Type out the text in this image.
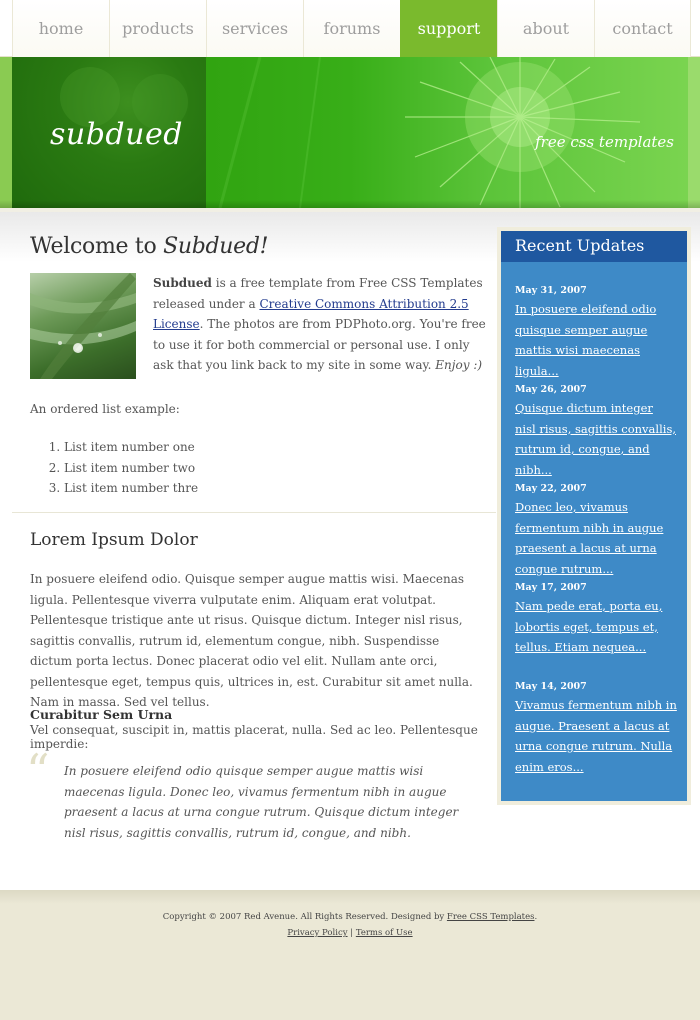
home products services forums support	about	contact
subdued	free css templates
Welcome to Subdued!
Subdued is a free template from Free CSS Templates released under a Creative Commons Attribution 2.5 License. The photos are from PDPhoto.org. You're free to use it for both commercial or personal use. I only ask that you link back to my site in some way. Enjoy :)
An ordered list example:
1. List item number one
2. List item number two
3. List item number thre
Lorem Ipsum Dolor

In posuere eleifend odio. Quisque semper augue mattis wisi. Maecenas ligula. Pellentesque viverra vulputate enim. Aliquam erat volutpat. Pellentesque tristique ante ut risus. Quisque dictum. Integer nisl risus, sagittis convallis, rutrum id, elementum congue, nibh. Suspendisse dictum porta lectus. Donec placerat odio vel elit. Nullam ante orci, pellentesque eget, tempus quis, ultrices in, est. Curabitur sit amet nulla. Nam in massa. Sed vel tellus.

Curabitur Sem Urna
Vel consequat, suscipit in, mattis placerat, nulla. Sed ac leo. Pellentesque imperdie:
“ In posuere eleifend odio quisque semper augue mattis wisi maecenas ligula. Donec leo, vivamus fermentum nibh in augue praesent a lacus at urna congue rutrum. Quisque dictum integer nisl risus, sagittis convallis, rutrum id, congue, and nibh.
Recent Updates
May 31, 2007
In posuere eleifend odio quisque semper augue mattis wisi maecenas ligula...
May 26, 2007
Quisque dictum integer nisl risus, sagittis convallis, rutrum id, congue, and nibh...
May 22, 2007
Donec leo, vivamus fermentum nibh in augue praesent a lacus at urna congue rutrum...
May 17, 2007
Nam pede erat, porta eu, lobortis eget, tempus et, tellus. Etiam nequea...
May 14, 2007
Vivamus fermentum nibh in augue. Praesent a lacus at urna congue rutrum. Nulla enim eros...
Copyright © 2007 Red Avenue. All Rights Reserved. Designed by Free CSS Templates.
Privacy Policy | Terms of Use
